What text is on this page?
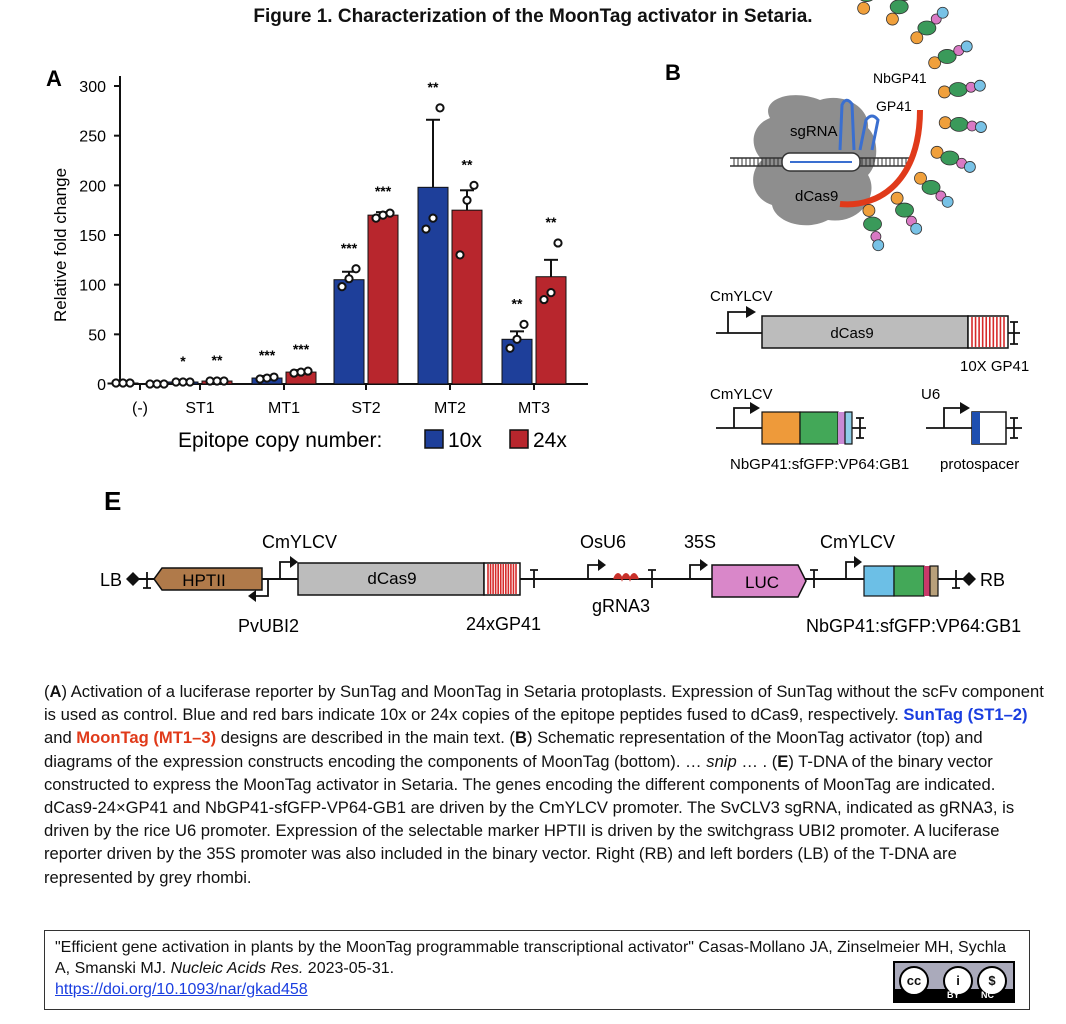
Figure 1. Characterization of the MoonTag activator in Setaria.
A
Relative fold change
0
50
100
150
200
250
300
*	***
***
**
**
***
***
**
**
**
(-) ST1	MT1	ST2	MT2	MT3
Epitope copy number:	10x 24x
B
sgRNA
dCas9
NbGP41
GP41
CmYLCV
dCas9
10X GP41
CmYLCV
NbGP41:sfGFP:VP64:GB1
U6
protospacer
E
LB	HPTII
PvUBI2
CmYLCV
dCas9
24xGP41
OsU6
gRNA3
35S
LUC
CmYLCV
RB
NbGP41:sfGFP:VP64:GB1
(A) Activation of a luciferase reporter by SunTag and MoonTag in Setaria protoplasts. Expression of SunTag without the scFv component is used as control. Blue and red bars indicate 10x or 24x copies of the epitope peptides fused to dCas9, respectively. SunTag (ST1–2) and MoonTag (MT1–3) designs are described in the main text. (B) Schematic representation of the MoonTag activator (top) and diagrams of the expression constructs encoding the components of MoonTag (bottom). … snip … . (E) T-DNA of the binary vector constructed to express the MoonTag activator in Setaria. The genes encoding the different components of MoonTag are indicated. dCas9-24×GP41 and NbGP41-sfGFP-VP64-GB1 are driven by the CmYLCV promoter. The SvCLV3 sgRNA, indicated as gRNA3, is driven by the rice U6 promoter. Expression of the selectable marker HPTII is driven by the switchgrass UBI2 promoter. A luciferase reporter driven by the 35S promoter was also included in the binary vector. Right (RB) and left borders (LB) of the T-DNA are represented by grey rhombi.
"Efficient gene activation in plants by the MoonTag programmable transcriptional activator" Casas-Mollano JA, Zinselmeier MH, Sychla A, Smanski MJ. Nucleic Acids Res. 2023-05-31.
https://doi.org/10.1093/nar/gkad458
cc	i	$
BY NC
